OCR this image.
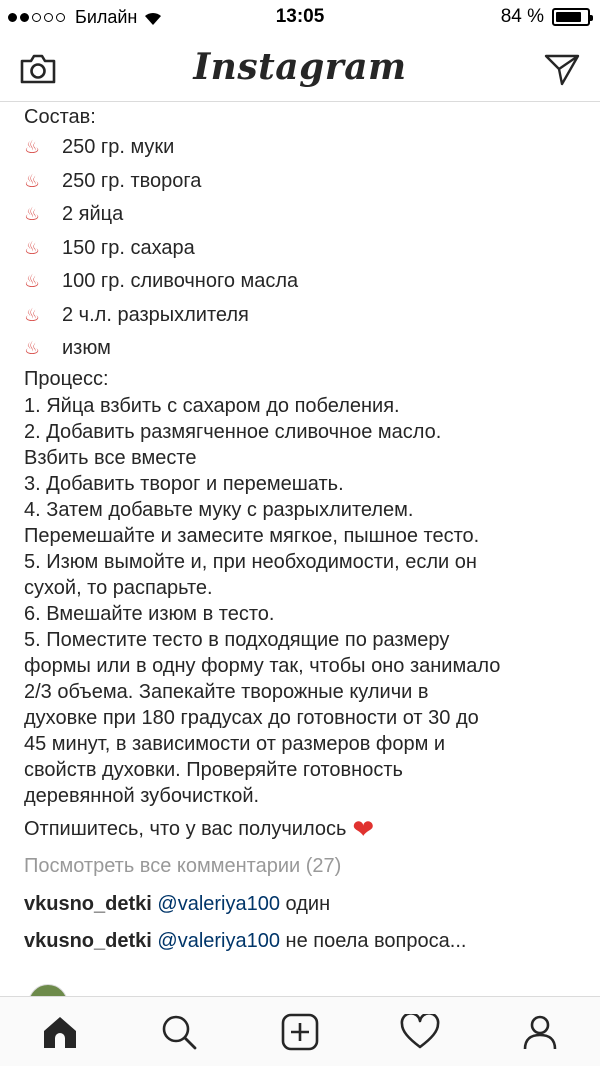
Билайн	13:05	84 %
Instagram
Состав:
♨	250 гр. муки
♨	250 гр. творога
♨	2 яйца
♨	150 гр. сахара
♨	100 гр. сливочного масла
♨	2 ч.л. разрыхлителя
♨	изюм
Процесс:
1. Яйца взбить с сахаром до побеления.
2. Добавить размягченное сливочное масло.
Взбить все вместе
3. Добавить творог и перемешать.
4. Затем добавьте муку с разрыхлителем.
Перемешайте и замесите мягкое, пышное тесто.
5. Изюм вымойте и, при необходимости, если он
сухой, то распарьте.
6. Вмешайте изюм в тесто.
5. Поместите тесто в подходящие по размеру
формы или в одну форму так, чтобы оно занимало
2/3 объема. Запекайте творожные куличи в
духовке при 180 градусах до готовности от 30 до
45 минут, в зависимости от размеров форм и
свойств духовки. Проверяйте готовность
деревянной зубочисткой.
Отпишитесь, что у вас получилось ❤
Посмотреть все комментарии (27)
vkusno_detki @valeriya100 один
vkusno_detki @valeriya100 не поела вопроса...
